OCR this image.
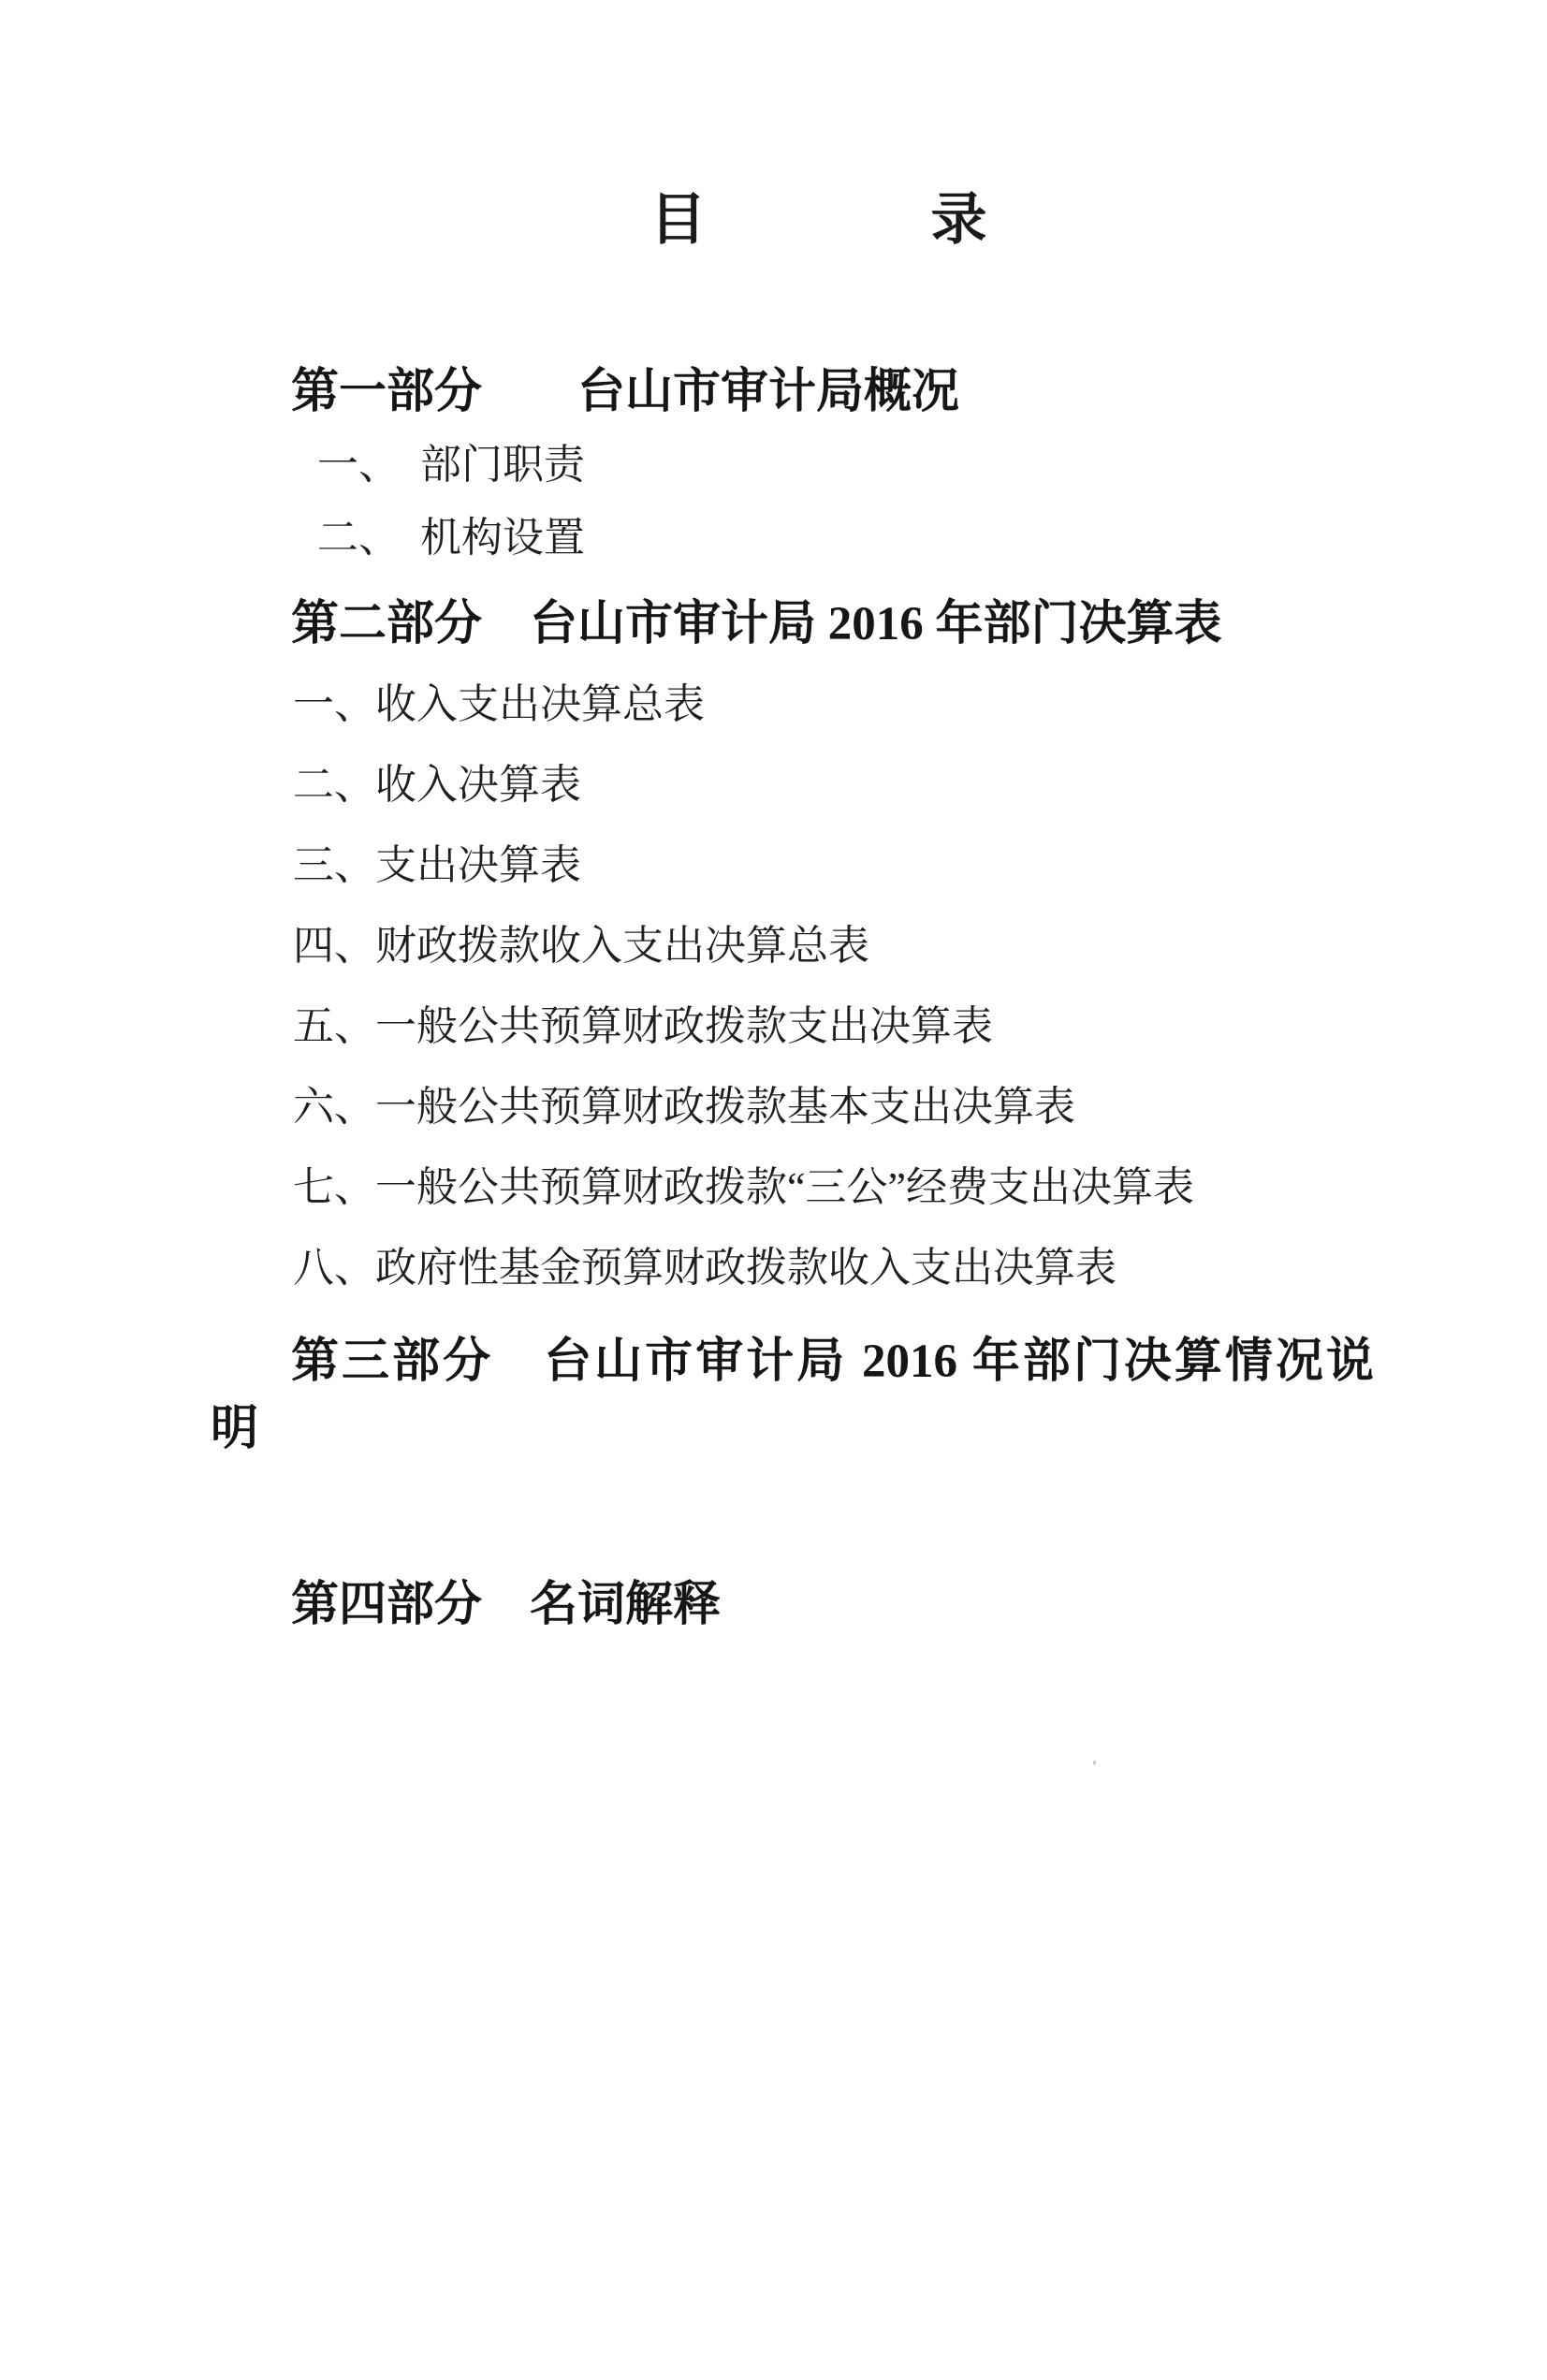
目　　　　录
第一部分　　台山市审计局概况
一、 部门职责
二、 机构设置
第二部分　台山市审计局 2016 年部门决算表
一、收入支出决算总表
二、收入决算表
三、支出决算表
四、财政拨款收入支出决算总表
五、一般公共预算财政拨款支出决算表
六、一般公共预算财政拨款基本支出决算表
七、一般公共预算财政拨款“三公”经费支出决算表
八、政府性基金预算财政拨款收入支出决算表
第三部分　台山市审计局 2016 年部门决算情况说
明
第四部分　名词解释
